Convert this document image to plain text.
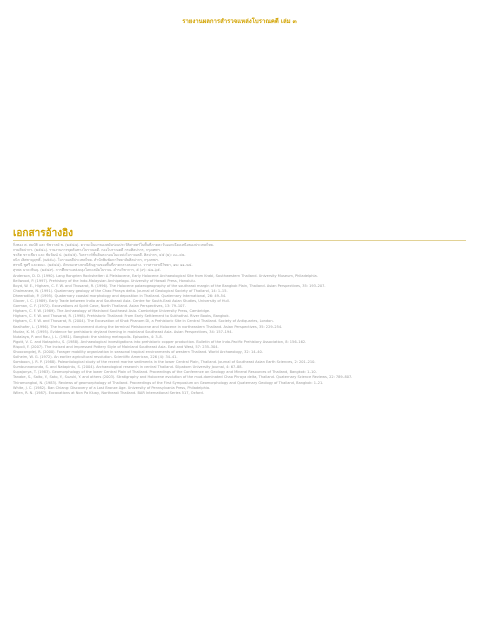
รายงานผลการสำรวจแหล่งโบราณคดี เล่ม ๓
เอกสารอ้างอิง
กิ่งทอง ศ. สมบัติ และ ชัชวาลย์ ช. (๒๕๔๗). ความเป็นมาของสมัยก่อนประวัติศาสตร์ในพื้นที่ภาคตะวันออกเฉียงเหนือของประเทศไทย.
กรมศิลปากร. (๒๕๔๐). รายงานการขุดค้นทางโบราณคดี. กองโบราณคดี กรมศิลปากร, กรุงเทพฯ.
ชวลิต ขาวเขียว และ ชัยวัฒน์ ป. (๒๕๔๕). วิเคราะห์ชั้นดินตะกอนในแหล่งโบราณคดี. ศิลปากร, ๔๕ (๒): ๓๐–๔๒.
ธนิก เลิศชาญฤทธิ์. (๒๕๕๐). โบราณคดีประเทศไทย. สำนักพิมพ์มหาวิทยาลัยศิลปากร, กรุงเทพฯ.
พรรณี ชูศรี และคณะ. (๒๕๔๘). ลักษณะทางธรณีสัณฐานของพื้นที่ภาคกลางตอนล่าง. วารสารธรณีวิทยา, ๑๒: ๑๑–๒๔.
สุรพล นาถะพินธุ. (๒๕๔๙). การศึกษาแหล่งถลุงโลหะสมัยโบราณ. ดำรงวิชาการ, ๕ (๙): ๔๗–๖๕.
Anderson, D. D. (1990). Lang Rongrien Rockshelter: A Pleistocene, Early Holocene Archaeological Site from Krabi, Southwestern Thailand. University Museum, Philadelphia.
Bellwood, P. (1997). Prehistory of the Indo-Malaysian Archipelago. University of Hawaii Press, Honolulu.
Boyd, W. E., Higham, C. F. W. and Thosarat, R. (1996). The Holocene palaeogeography of the southeast margin of the Bangkok Plain, Thailand. Asian Perspectives, 35: 193–207.
Chaimanee, N. (1991). Quaternary geology of the Chao Phraya delta. Journal of Geological Society of Thailand, 14: 1–15.
Dheeradilok, P. (1995). Quaternary coastal morphology and deposition in Thailand. Quaternary International, 26: 49–54.
Glover, I. C. (1989). Early Trade between India and Southeast Asia. Centre for South-East Asian Studies, University of Hull.
Gorman, C. F. (1972). Excavations at Spirit Cave, North Thailand. Asian Perspectives, 13: 79–107.
Higham, C. F. W. (1989). The Archaeology of Mainland Southeast Asia. Cambridge University Press, Cambridge.
Higham, C. F. W. and Thosarat, R. (1998). Prehistoric Thailand: From Early Settlement to Sukhothai. River Books, Bangkok.
Higham, C. F. W. and Thosarat, R. (2004). The Excavation of Khok Phanom Di, a Prehistoric Site in Central Thailand. Society of Antiquaries, London.
Kealhofer, L. (1996). The human environment during the terminal Pleistocene and Holocene in northeastern Thailand. Asian Perspectives, 35: 229–254.
Mudar, K. M. (1995). Evidence for prehistoric dryland farming in mainland Southeast Asia. Asian Perspectives, 34: 157–194.
Nutalaya, P. and Rau, J. L. (1981). Bangkok: the sinking metropolis. Episodes, 4: 3–8.
Pigott, V. C. and Natapintu, S. (1988). Archaeological investigations into prehistoric copper production. Bulletin of the Indo-Pacific Prehistory Association, 8: 156–162.
Rispoli, F. (2007). The Incised and Impressed Pottery Style of Mainland Southeast Asia. East and West, 57: 235–304.
Shoocongdej, R. (2000). Forager mobility organization in seasonal tropical environments of western Thailand. World Archaeology, 32: 14–40.
Solheim, W. G. (1972). An earlier agricultural revolution. Scientific American, 226 (4): 34–41.
Somboon, J. R. P. (1988). Paleontological study of the recent marine sediments in the lower Central Plain, Thailand. Journal of Southeast Asian Earth Sciences, 2: 201–210.
Sumbunnanonda, S. and Natapintu, S. (2004). Archaeological research in central Thailand. Silpakorn University Journal, 4: 67–88.
Supajanya, T. (1983). Geomorphology of the lower Central Plain of Thailand. Proceedings of the Conference on Geology and Mineral Resources of Thailand, Bangkok: 1–10.
Tanabe, S., Saito, Y., Sato, Y., Suzuki, Y. and others (2003). Stratigraphy and Holocene evolution of the mud-dominated Chao Phraya delta, Thailand. Quaternary Science Reviews, 22: 789–807.
Thiramongkol, N. (1983). Reviews of geomorphology of Thailand. Proceedings of the First Symposium on Geomorphology and Quaternary Geology of Thailand, Bangkok: 1–21.
White, J. C. (1982). Ban Chiang: Discovery of a Lost Bronze Age. University of Pennsylvania Press, Philadelphia.
Wilen, R. N. (1987). Excavations at Non Pa Kluay, Northeast Thailand. BAR International Series 517, Oxford.
